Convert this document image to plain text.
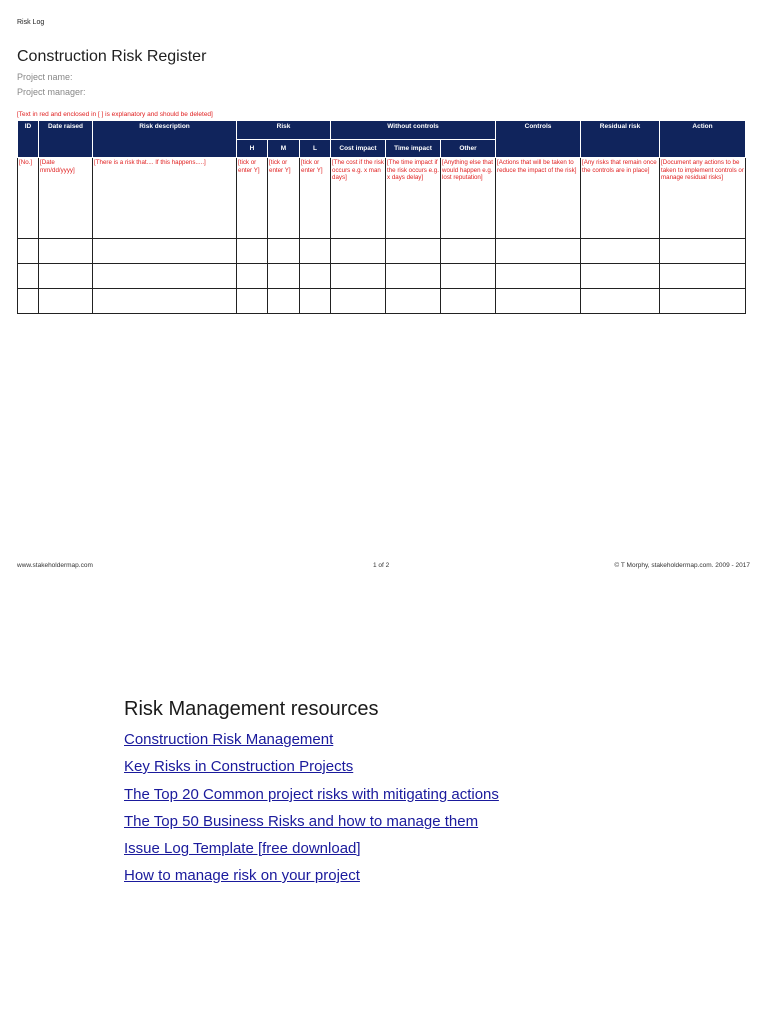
Risk Log
Construction Risk Register
Project name:
Project manager:
[Text in red and enclosed in [ ] is explanatory and should be deleted]
ID	Date raised	Risk description	Risk			Without controls			Controls	Residual risk	Action
			H	M	L	Cost impact	Time impact	Other			
[No.]	[Date mm/dd/yyyy]	[There is a risk that.... If this happens.....]	[tick or enter Y]	[tick or enter Y]	[tick or enter Y]	[The cost if the risk occurs e.g. x man days]	[The time impact if the risk occurs e.g. x days delay]	[Anything else that would happen e.g. lost reputation]	[Actions that will be taken to reduce the impact of the risk]	[Any risks that remain once the controls are in place]	[Document any actions to be taken to implement controls or manage residual risks]

www.stakeholdermap.com	1 of 2	© T Morphy, stakeholdermap.com. 2009 - 2017
Risk Management resources
Construction Risk Management
Key Risks in Construction Projects
The Top 20 Common project risks with mitigating actions
The Top 50 Business Risks and how to manage them
Issue Log Template [free download]
How to manage risk on your project
